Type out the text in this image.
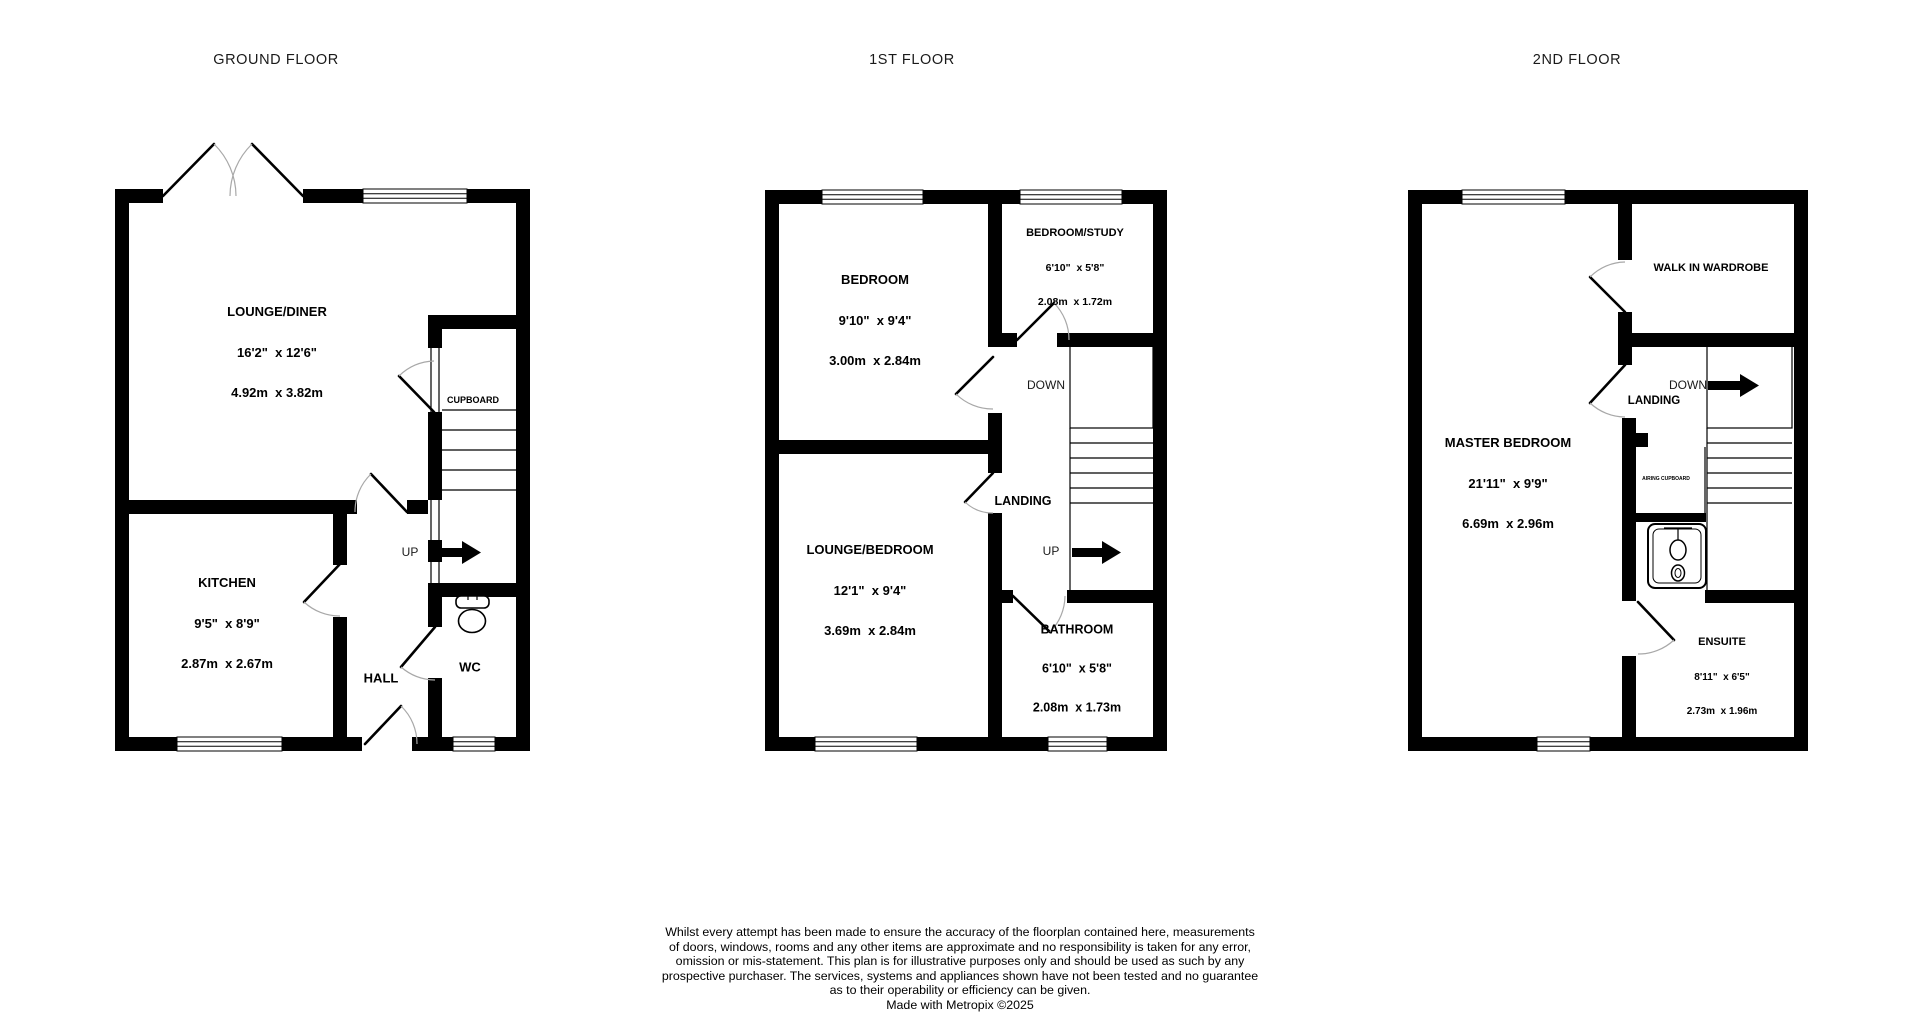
GROUND FLOOR

LOUNGE/DINER

16'2"  x 12'6"

4.92m  x 3.82m

CUPBOARD
UP

KITCHEN

9'5"  x 8'9"

2.87m  x 2.67m

HALL
WC
1ST FLOOR

BEDROOM

9'10"  x 9'4"

3.00m  x 2.84m

BEDROOM/STUDY

6'10"  x 5'8"

2.08m  x 1.72m

DOWN
LANDING
UP

LOUNGE/BEDROOM

12'1"  x 9'4"

3.69m  x 2.84m

	BATHROOM

6'10"  x 5'8"

2.08m  x 1.73m

2ND FLOOR
WALK IN WARDROBE
DOWN
LANDING

MASTER BEDROOM

21'11"  x 9'9"

6.69m  x 2.96m

AIRING CUPBOARD

ENSUITE

8'11"  x 6'5"

2.73m  x 1.96m

Whilst every attempt has been made to ensure the accuracy of the floorplan contained here, measurements
of doors, windows, rooms and any other items are approximate and no responsibility is taken for any error,
omission or mis-statement. This plan is for illustrative purposes only and should be used as such by any
prospective purchaser. The services, systems and appliances shown have not been tested and no guarantee
as to their operability or efficiency can be given.
Made with Metropix ©2025
